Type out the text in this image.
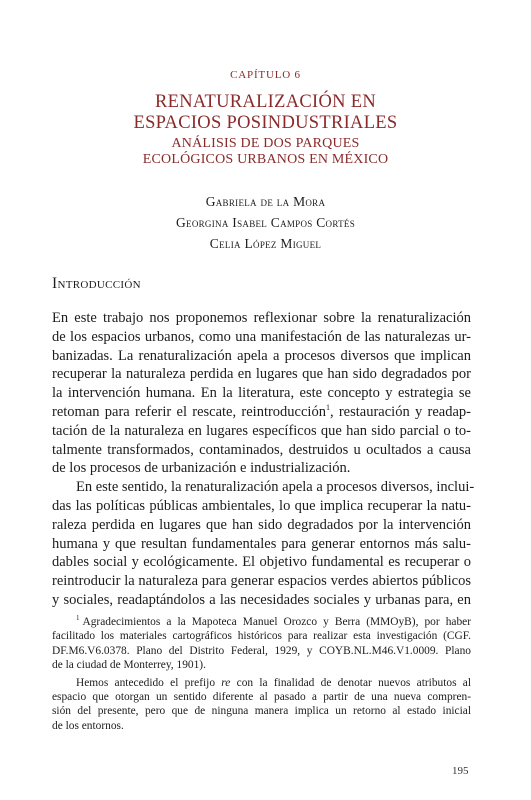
CAPÍTULO 6
RENATURALIZACIÓN EN
ESPACIOS POSINDUSTRIALES
ANÁLISIS DE DOS PARQUES
ECOLÓGICOS URBANOS EN MÉXICO
Gabriela de la Mora
Georgina Isabel Campos Cortés
Celia López Miguel
Introducción
En este trabajo nos proponemos reflexionar sobre la renaturalización
de los espacios urbanos, como una manifestación de las naturalezas ur-
banizadas. La renaturalización apela a procesos diversos que implican
recuperar la naturaleza perdida en lugares que han sido degradados por
la intervención humana. En la literatura, este concepto y estrategia se
retoman para referir el rescate, reintroducción$^1$, restauración y readap-
tación de la naturaleza en lugares específicos que han sido parcial o to-
talmente transformados, contaminados, destruidos u ocultados a causa
de los procesos de urbanización e industrialización.
En este sentido, la renaturalización apela a procesos diversos, inclui-
das las políticas públicas ambientales, lo que implica recuperar la natu-
raleza perdida en lugares que han sido degradados por la intervención
humana y que resultan fundamentales para generar entornos más salu-
dables social y ecológicamente. El objetivo fundamental es recuperar o
reintroducir la naturaleza para generar espacios verdes abiertos públicos
y sociales, readaptándolos a las necesidades sociales y urbanas para, en
$^1$ Agradecimientos a la Mapoteca Manuel Orozco y Berra (MMOyB), por haber
facilitado los materiales cartográficos históricos para realizar esta investigación (CGF.
DF.M6.V6.0378. Plano del Distrito Federal, 1929, y COYB.NL.M46.V1.0009. Plano
de la ciudad de Monterrey, 1901).
Hemos antecedido el prefijo re con la finalidad de denotar nuevos atributos al
espacio que otorgan un sentido diferente al pasado a partir de una nueva compren-
sión del presente, pero que de ninguna manera implica un retorno al estado inicial
de los entornos.
195
